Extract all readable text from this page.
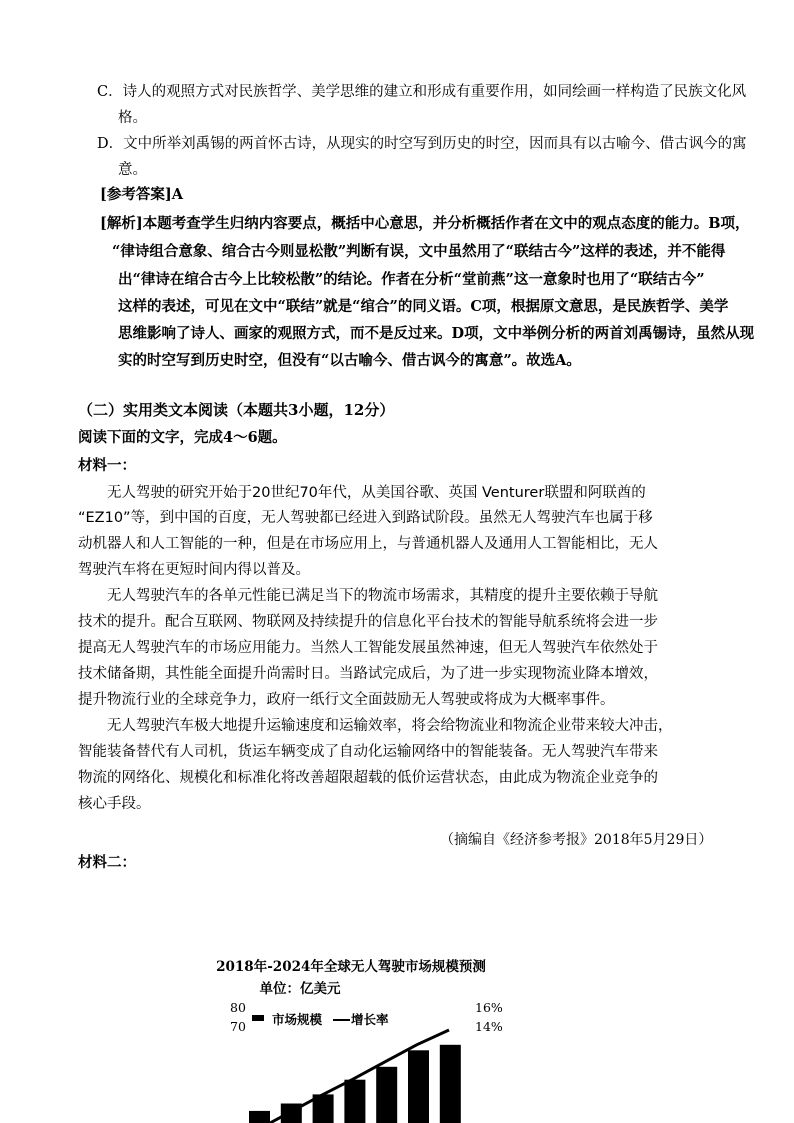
C．诗人的观照方式对民族哲学、美学思维的建立和形成有重要作用，如同绘画一样构造了民族文化风
格。
D．文中所举刘禹锡的两首怀古诗，从现实的时空写到历史的时空，因而具有以古喻今、借古讽今的寓
意。
[参考答案]A
[解析]本题考查学生归纳内容要点，概括中心意思，并分析概括作者在文中的观点态度的能力。B项，
“律诗组合意象、绾合古今则显松散”判断有误，文中虽然用了“联结古今”这样的表述，并不能得
出“律诗在绾合古今上比较松散”的结论。作者在分析“堂前燕”这一意象时也用了“联结古今”
这样的表述，可见在文中“联结”就是“绾合”的同义语。C项，根据原文意思，是民族哲学、美学
思维影响了诗人、画家的观照方式，而不是反过来。D项，文中举例分析的两首刘禹锡诗，虽然从现
实的时空写到历史时空，但没有“以古喻今、借古讽今的寓意”。故选A。
（二）实用类文本阅读（本题共3小题，12分）
阅读下面的文字，完成4～6题。
材料一：
　　无人驾驶的研究开始于20世纪70年代，从美国谷歌、英国 Venturer联盟和阿联酋的
“EZ10”等，到中国的百度，无人驾驶都已经进入到路试阶段。虽然无人驾驶汽车也属于移
动机器人和人工智能的一种，但是在市场应用上，与普通机器人及通用人工智能相比，无人
驾驶汽车将在更短时间内得以普及。
　　无人驾驶汽车的各单元性能已满足当下的物流市场需求，其精度的提升主要依赖于导航
技术的提升。配合互联网、物联网及持续提升的信息化平台技术的智能导航系统将会进一步
提高无人驾驶汽车的市场应用能力。当然人工智能发展虽然神速，但无人驾驶汽车依然处于
技术储备期，其性能全面提升尚需时日。当路试完成后，为了进一步实现物流业降本增效，
提升物流行业的全球竞争力，政府一纸行文全面鼓励无人驾驶或将成为大概率事件。
　　无人驾驶汽车极大地提升运输速度和运输效率，将会给物流业和物流企业带来较大冲击，
智能装备替代有人司机，货运车辆变成了自动化运输网络中的智能装备。无人驾驶汽车带来
物流的网络化、规模化和标准化将改善超限超载的低价运营状态，由此成为物流企业竞争的
核心手段。
（摘编自《经济参考报》2018年5月29日）
材料二：
2018年-2024年全球无人驾驶市场规模预测
单位：亿美元
80
70
16%
14%
市场规模 增长率
